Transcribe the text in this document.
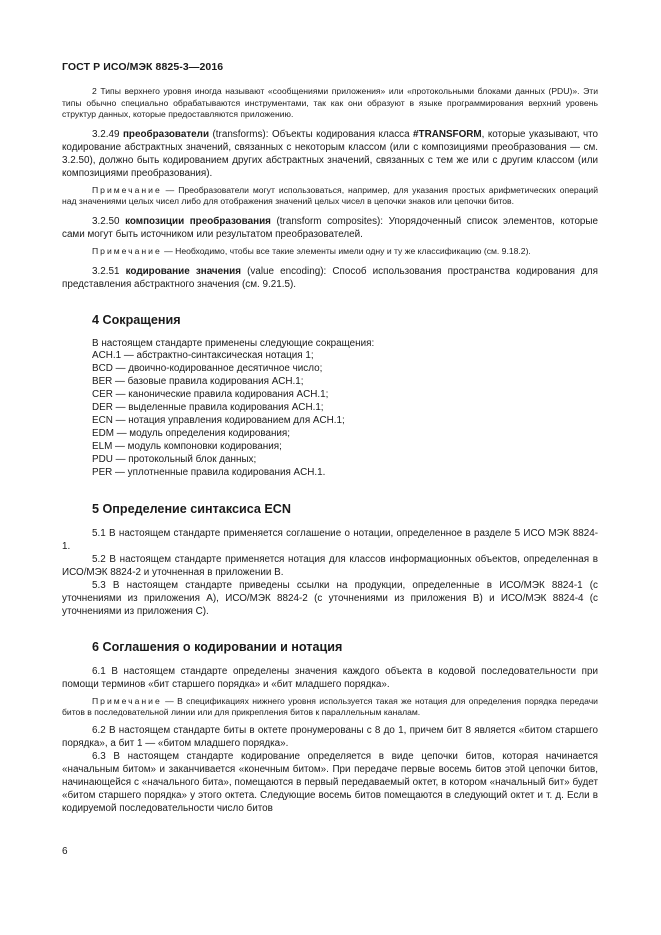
ГОСТ Р ИСО/МЭК 8825-3—2016

2 Типы верхнего уровня иногда называют «сообщениями приложения» или «протокольными блоками данных (PDU)». Эти типы обычно специально обрабатываются инструментами, так как они образуют в языке программирования верхний уровень структур данных, которые предоставляются приложению.

3.2.49 преобразователи (transforms): Объекты кодирования класса #TRANSFORM, которые указывают, что кодирование абстрактных значений, связанных с некоторым классом (или с композициями преобразования — см. 3.2.50), должно быть кодированием других абстрактных значений, связанных с тем же или с другим классом (или композициями преобразования).

Примечание — Преобразователи могут использоваться, например, для указания простых арифметических операций над значениями целых чисел либо для отображения значений целых чисел в цепочки знаков или цепочки битов.

3.2.50 композиции преобразования (transform composites): Упорядоченный список элементов, которые сами могут быть источником или результатом преобразователей.

Примечание — Необходимо, чтобы все такие элементы имели одну и ту же классификацию (см. 9.18.2).

3.2.51 кодирование значения (value encoding): Способ использования пространства кодирования для представления абстрактного значения (см. 9.21.5).

4 Сокращения
В настоящем стандарте применены следующие сокращения:
ACH.1 — абстрактно-синтаксическая нотация 1;
BCD — двоично-кодированное десятичное число;
BER — базовые правила кодирования ACH.1;
CER — канонические правила кодирования ACH.1;
DER — выделенные правила кодирования ACH.1;
ECN — нотация управления кодированием для ACH.1;
EDM — модуль определения кодирования;
ELM — модуль компоновки кодирования;
PDU — протокольный блок данных;
PER — уплотненные правила кодирования ACH.1.
5 Определение синтаксиса ECN

5.1 В настоящем стандарте применяется соглашение о нотации, определенное в разделе 5 ИСО МЭК 8824-1.

5.2 В настоящем стандарте применяется нотация для классов информационных объектов, определенная в ИСО/МЭК 8824-2 и уточненная в приложении В.

5.3 В настоящем стандарте приведены ссылки на продукции, определенные в ИСО/МЭК 8824-1 (с уточнениями из приложения А), ИСО/МЭК 8824-2 (с уточнениями из приложения В) и ИСО/МЭК 8824-4 (с уточнениями из приложения С).

6 Соглашения о кодировании и нотация

6.1 В настоящем стандарте определены значения каждого объекта в кодовой последовательности при помощи терминов «бит старшего порядка» и «бит младшего порядка».

Примечание — В спецификациях нижнего уровня используется такая же нотация для определения порядка передачи битов в последовательной линии или для прикрепления битов к параллельным каналам.

6.2 В настоящем стандарте биты в октете пронумерованы с 8 до 1, причем бит 8 является «битом старшего порядка», а бит 1 — «битом младшего порядка».

6.3 В настоящем стандарте кодирование определяется в виде цепочки битов, которая начинается «начальным битом» и заканчивается «конечным битом». При передаче первые восемь битов этой цепочки битов, начинающейся с «начального бита», помещаются в первый передаваемый октет, в котором «начальный бит» будет «битом старшего порядка» у этого октета. Следующие восемь битов помещаются в следующий октет и т. д. Если в кодируемой последовательности число битов

6
